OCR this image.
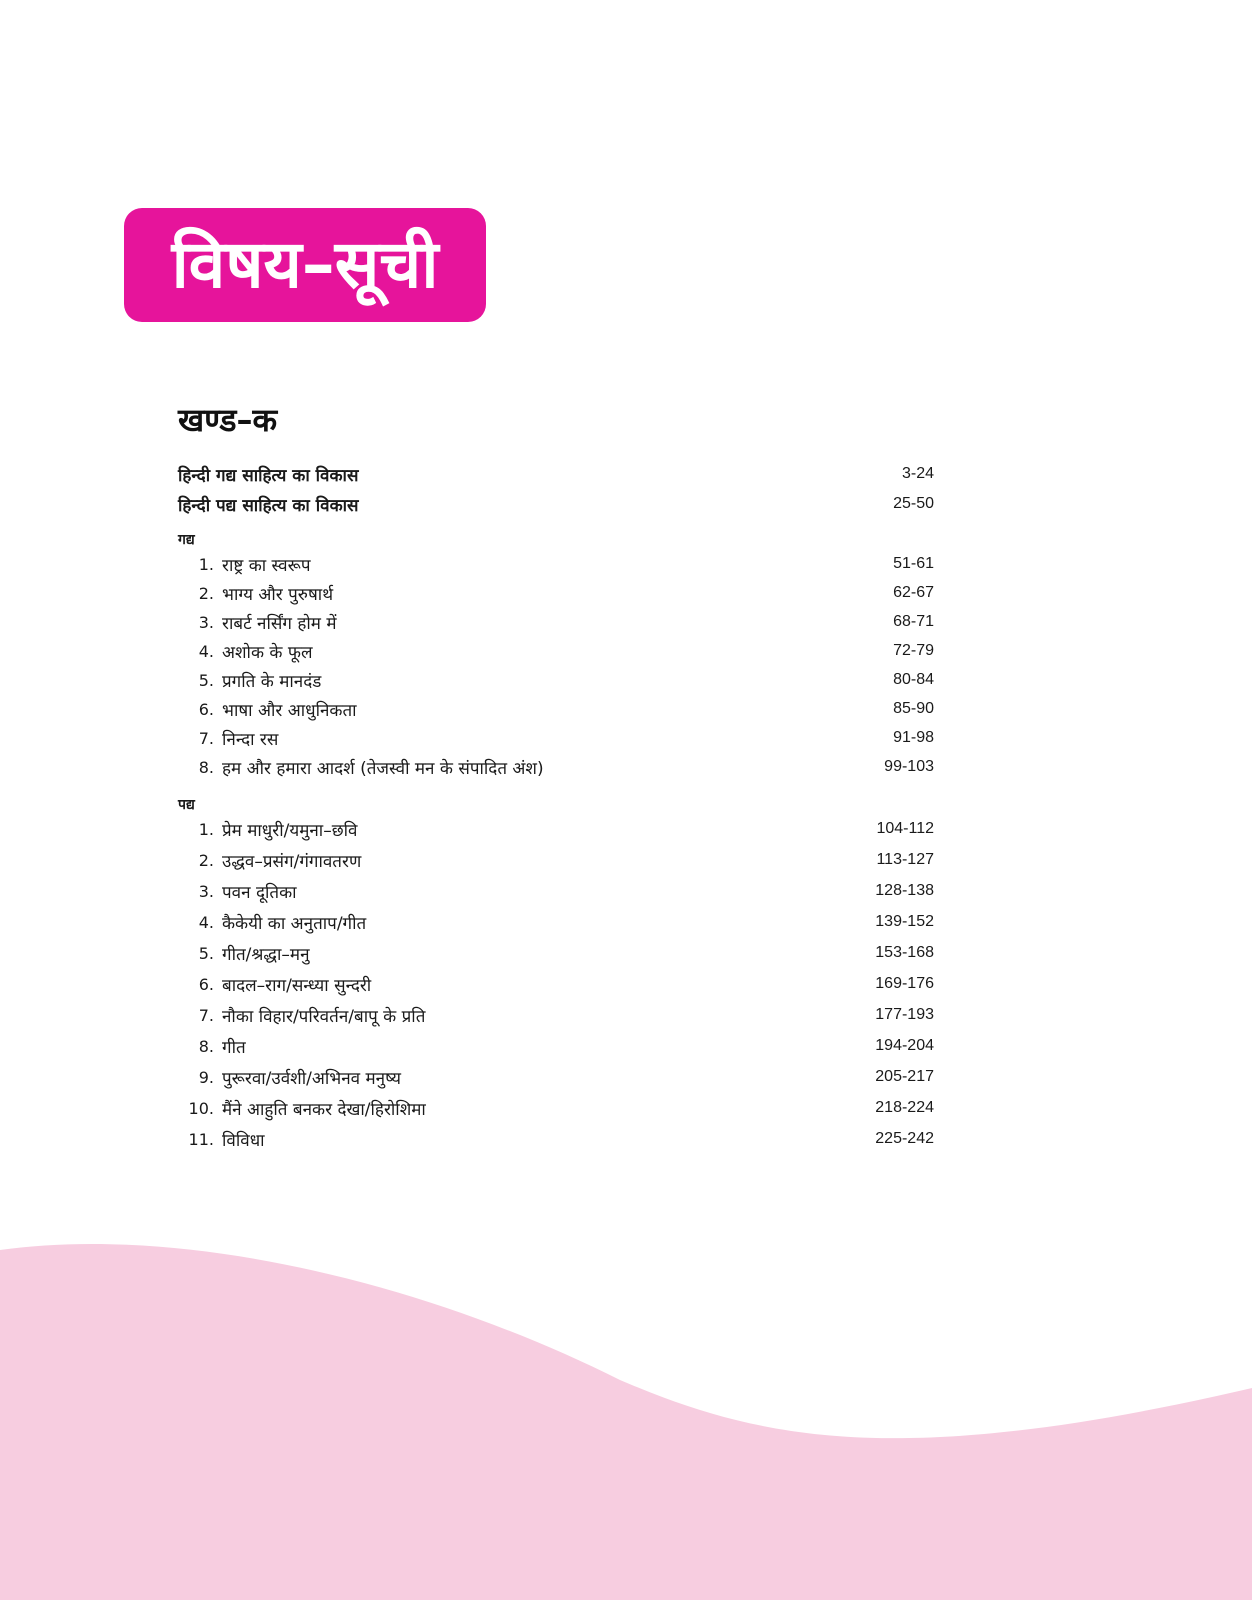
विषय–सूची
खण्ड–क
हिन्दी गद्य साहित्य का विकास	3-24
हिन्दी पद्य साहित्य का विकास	25-50
गद्य
1. राष्ट्र का स्वरूप	51-61
2. भाग्य और पुरुषार्थ	62-67
3. राबर्ट नर्सिंग होम में	68-71
4. अशोक के फूल	72-79
5. प्रगति के मानदंड	80-84
6. भाषा और आधुनिकता	85-90
7. निन्दा रस	91-98
8. हम और हमारा आदर्श (तेजस्वी मन के संपादित अंश)	99-103
पद्य
1. प्रेम माधुरी/यमुना–छवि	104-112
2. उद्धव–प्रसंग/गंगावतरण	113-127
3. पवन दूतिका	128-138
4. कैकेयी का अनुताप/गीत	139-152
5. गीत/श्रद्धा–मनु	153-168
6. बादल–राग/सन्ध्या सुन्दरी	169-176
7. नौका विहार/परिवर्तन/बापू के प्रति	177-193
8. गीत	194-204
9. पुरूरवा/उर्वशी/अभिनव मनुष्य	205-217
10. मैंने आहुति बनकर देखा/हिरोशिमा	218-224
11. विविधा	225-242
